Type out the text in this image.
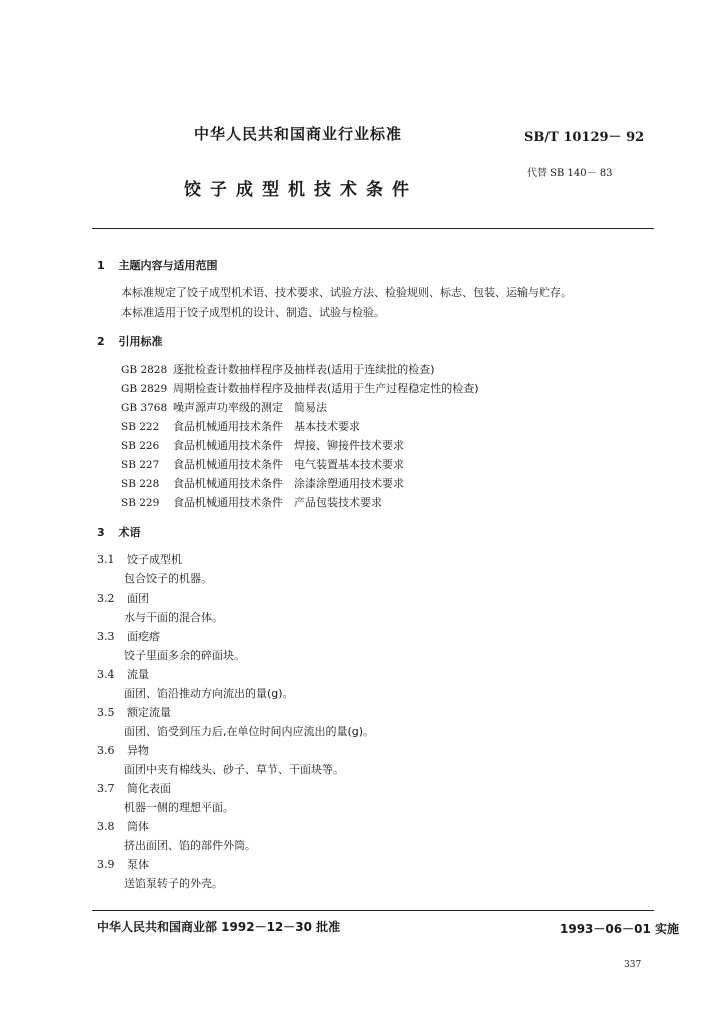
中华人民共和国商业行业标准	SB/T 10129－ 92
饺子成型机技术条件
代替 SB 140－ 83
1 主题内容与适用范围
本标准规定了饺子成型机术语、技术要求、试验方法、检验规则、标志、包装、运输与贮存。
本标准适用于饺子成型机的设计、制造、试验与检验。
2 引用标准
GB 2828 逐批检查计数抽样程序及抽样表(适用于连续批的检查)
GB 2829 周期检查计数抽样程序及抽样表(适用于生产过程稳定性的检查)
GB 3768 噪声源声功率级的测定　简易法
SB 222 食品机械通用技术条件　基本技术要求
SB 226 食品机械通用技术条件　焊接、铆接件技术要求
SB 227 食品机械通用技术条件　电气装置基本技术要求
SB 228 食品机械通用技术条件　涂漆涂塑通用技术要求
SB 229 食品机械通用技术条件　产品包装技术要求
3 术语
3.1 饺子成型机
包合饺子的机器。
3.2 面团
水与干面的混合体。
3.3 面疙瘩
饺子里面多余的碎面块。
3.4 流量
面团、馅沿推动方向流出的量(g)。
3.5 额定流量
面团、馅受到压力后,在单位时间内应流出的量(g)。
3.6 异物
面团中夹有棉线头、砂子、草节、干面块等。
3.7 简化表面
机器一侧的理想平面。
3.8 筒体
挤出面团、馅的部件外筒。
3.9 泵体
送馅泵转子的外壳。
中华人民共和国商业部 1992－12－30 批准	1993－06－01 实施
337
